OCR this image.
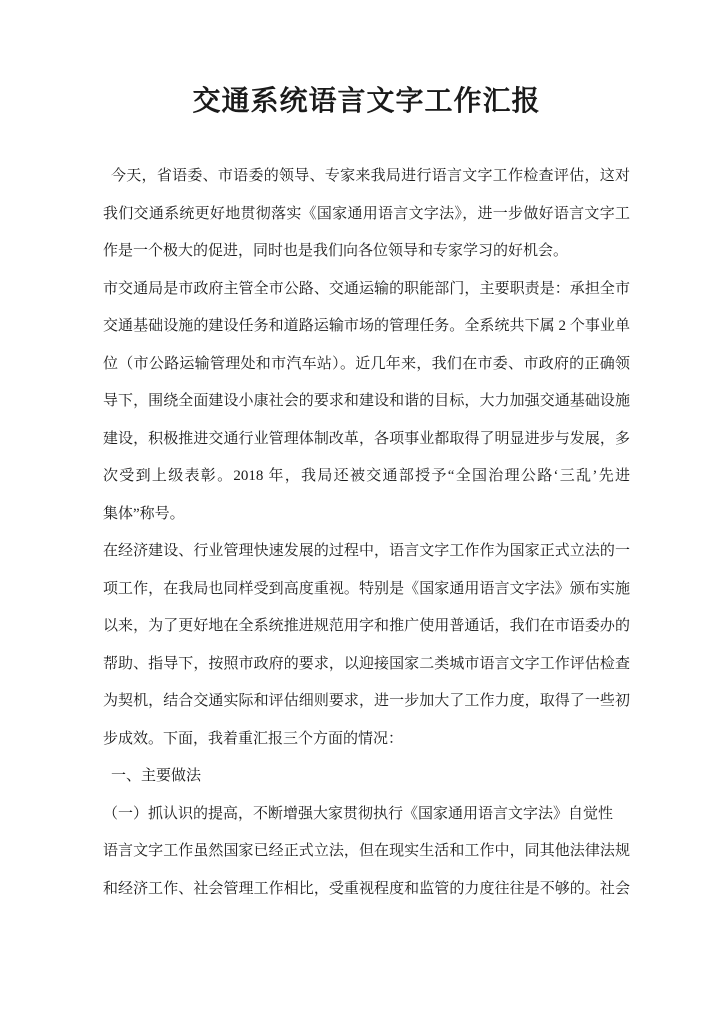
交通系统语言文字工作汇报
今天，省语委、市语委的领导、专家来我局进行语言文字工作检查评估，这对
我们交通系统更好地贯彻落实《国家通用语言文字法》，进一步做好语言文字工
作是一个极大的促进，同时也是我们向各位领导和专家学习的好机会。
市交通局是市政府主管全市公路、交通运输的职能部门，主要职责是：承担全市
交通基础设施的建设任务和道路运输市场的管理任务。全系统共下属 2 个事业单
位（市公路运输管理处和市汽车站）。近几年来，我们在市委、市政府的正确领
导下，围绕全面建设小康社会的要求和建设和谐的目标，大力加强交通基础设施
建设，积极推进交通行业管理体制改革，各项事业都取得了明显进步与发展，多
次受到上级表彰。2018 年，我局还被交通部授予“全国治理公路‘三乱’先进
集体”称号。
在经济建设、行业管理快速发展的过程中，语言文字工作作为国家正式立法的一
项工作，在我局也同样受到高度重视。特别是《国家通用语言文字法》颁布实施
以来，为了更好地在全系统推进规范用字和推广使用普通话，我们在市语委办的
帮助、指导下，按照市政府的要求，以迎接国家二类城市语言文字工作评估检查
为契机，结合交通实际和评估细则要求，进一步加大了工作力度，取得了一些初
步成效。下面，我着重汇报三个方面的情况：
一、主要做法
（一）抓认识的提高，不断增强大家贯彻执行《国家通用语言文字法》自觉性
语言文字工作虽然国家已经正式立法，但在现实生活和工作中，同其他法律法规
和经济工作、社会管理工作相比，受重视程度和监管的力度往往是不够的。社会
